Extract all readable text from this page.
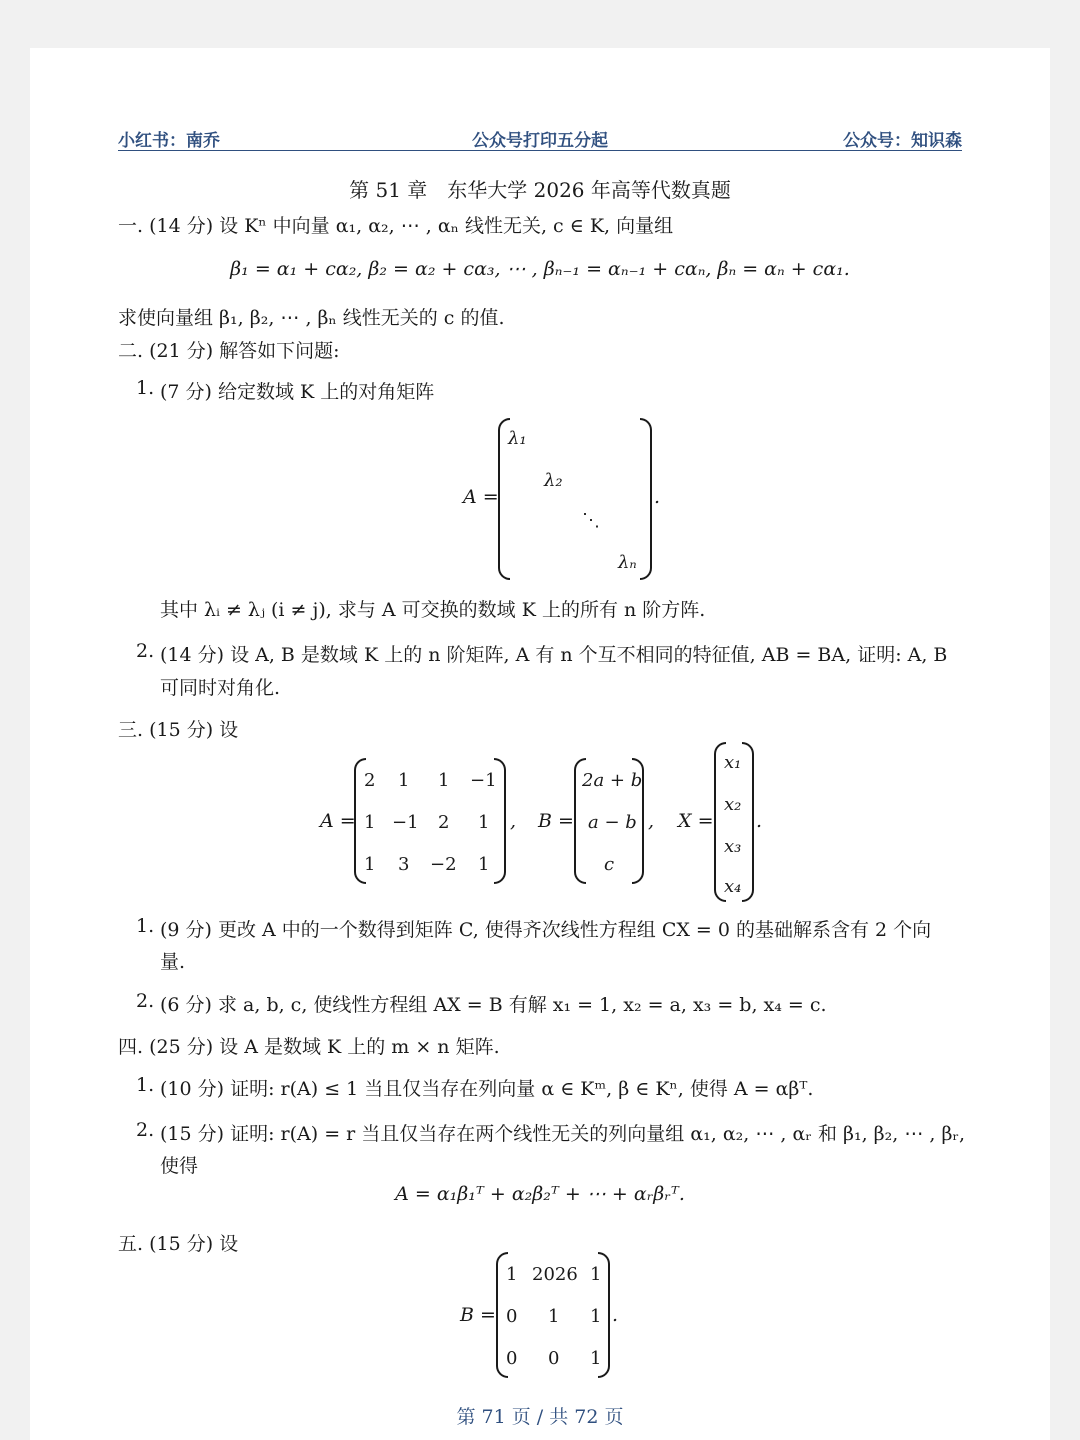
小红书：南乔	公众号打印五分起	公众号：知识森
第 51 章　东华大学 2026 年高等代数真题
一. (14 分) 设 Kⁿ 中向量 α₁, α₂, ⋯ , αₙ 线性无关, c ∈ K, 向量组
β₁ = α₁ + cα₂, β₂ = α₂ + cα₃, ⋯ , βₙ₋₁ = αₙ₋₁ + cαₙ, βₙ = αₙ + cα₁.
求使向量组 β₁, β₂, ⋯ , βₙ 线性无关的 c 的值.
二. (21 分) 解答如下问题:
1. (7 分) 给定数域 K 上的对角矩阵
A =
λ₁
λ₂
⋱
λₙ
.
其中 λᵢ ≠ λⱼ (i ≠ j), 求与 A 可交换的数域 K 上的所有 n 阶方阵.
2. (14 分) 设 A, B 是数域 K 上的 n 阶矩阵, A 有 n 个互不相同的特征值, AB = BA, 证明: A, B
可同时对角化.
三. (15 分) 设
A =
2 1 1 −1
1 −1 2 1
1 3 −2 1
, B =
2a + b
a − b
c
, X =
x₁
x₂
x₃
x₄
.
1. (9 分) 更改 A 中的一个数得到矩阵 C, 使得齐次线性方程组 CX = 0 的基础解系含有 2 个向
量.
2. (6 分) 求 a, b, c, 使线性方程组 AX = B 有解 x₁ = 1, x₂ = a, x₃ = b, x₄ = c.
四. (25 分) 设 A 是数域 K 上的 m × n 矩阵.
1. (10 分) 证明: r(A) ≤ 1 当且仅当存在列向量 α ∈ Kᵐ, β ∈ Kⁿ, 使得 A = αβᵀ.
2. (15 分) 证明: r(A) = r 当且仅当存在两个线性无关的列向量组 α₁, α₂, ⋯ , αᵣ 和 β₁, β₂, ⋯ , βᵣ,
使得
A = α₁β₁ᵀ + α₂β₂ᵀ + ⋯ + αᵣβᵣᵀ.
五. (15 分) 设
B =
1 2026 1
0 1 1
0 0 1
.
第 71 页 / 共 72 页
